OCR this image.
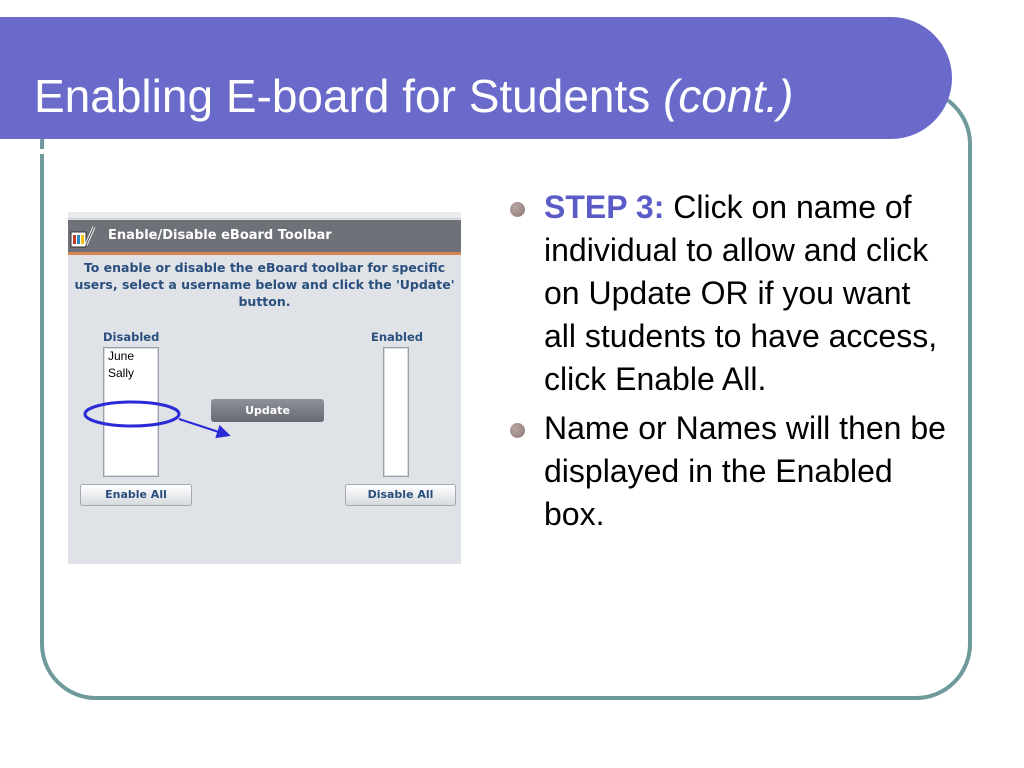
Enabling E-board for Students (cont.)
Enable/Disable eBoard Toolbar
To enable or disable the eBoard toolbar for specific users, select a username below and click the 'Update' button.
Disabled	Enabled
June
Sally
Update
Enable All	Disable All
STEP 3: Click on name of individual to allow and click on Update OR if you want all students to have access, click Enable All.
Name or Names will then be displayed in the Enabled box.
